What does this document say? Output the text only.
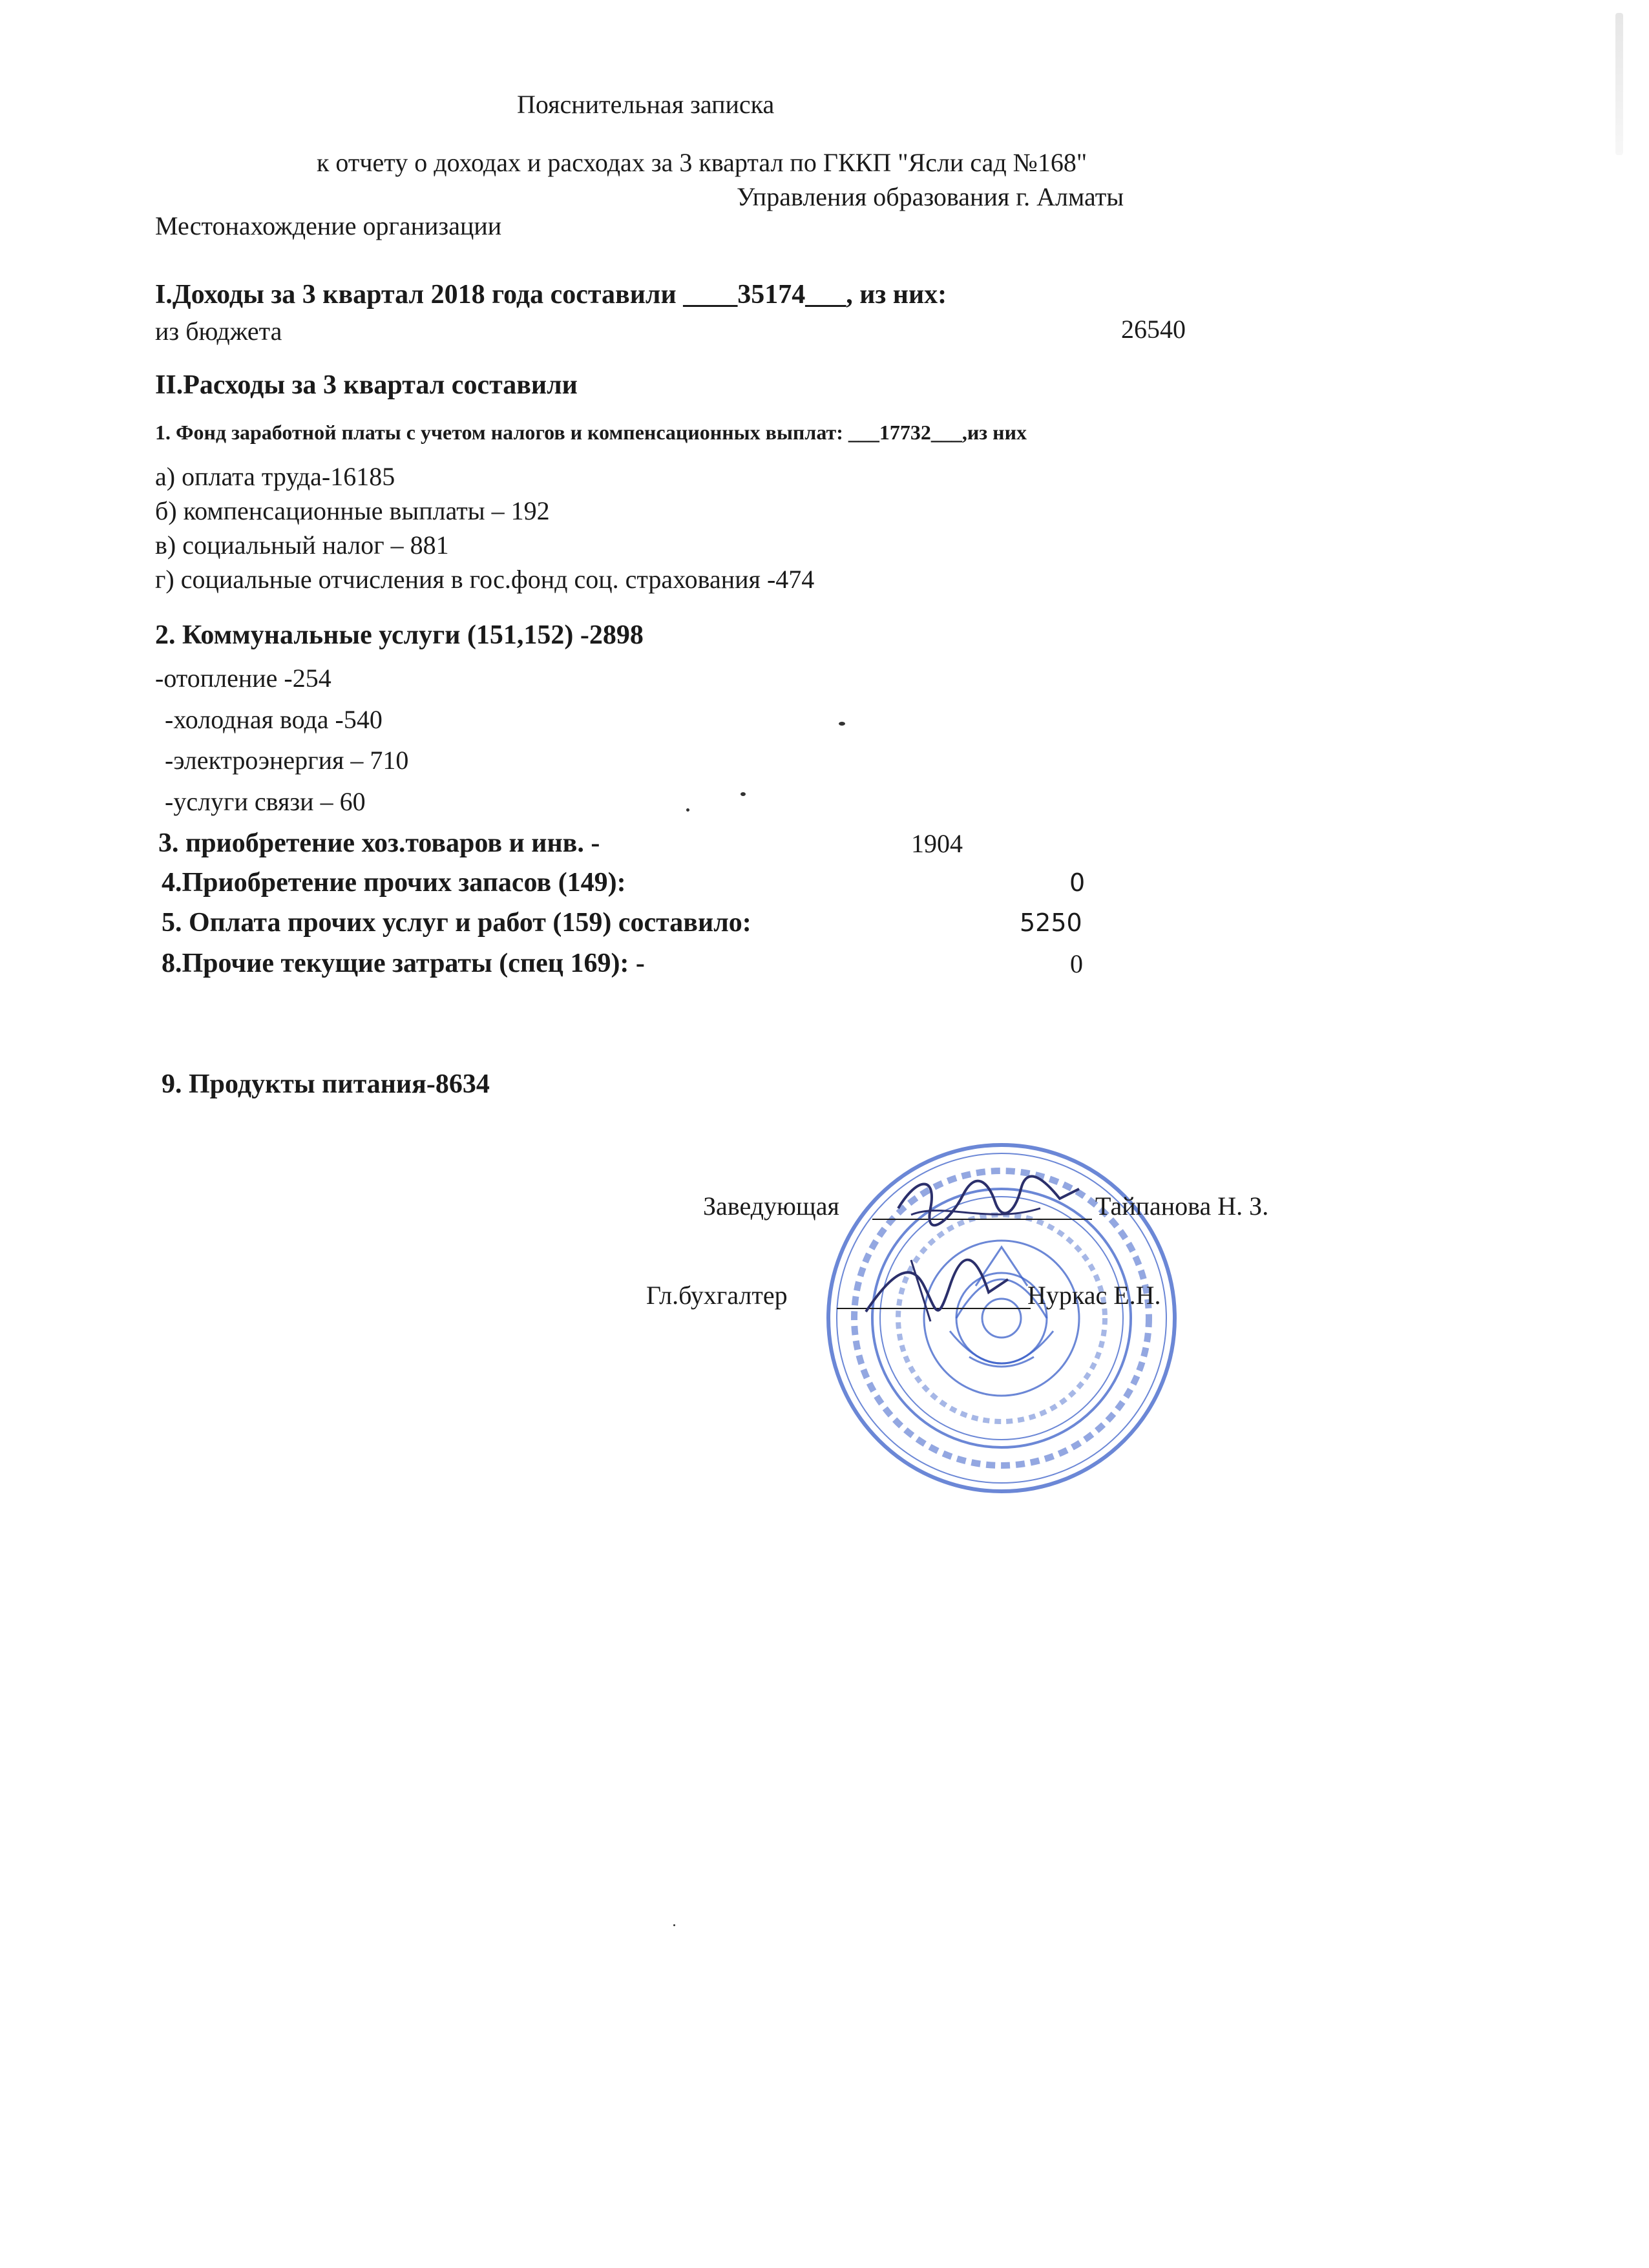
Пояснительная записка
к отчету о доходах и расходах за 3 квартал по ГККП "Ясли сад №168"
Управления образования г. Алматы
Местонахождение организации
I.Доходы за 3 квартал 2018 года составили ____35174___, из них:
из бюджета	26540
II.Расходы за 3 квартал составили
1. Фонд заработной платы с учетом налогов и компенсационных выплат: ___17732___,из них
а) оплата труда-16185
б) компенсационные выплаты – 192
в) социальный налог – 881
г) социальные отчисления в гос.фонд соц. страхования -474
2. Коммунальные услуги (151,152) -2898
-отопление -254
-холодная вода -540
-электроэнергия – 710
-услуги связи – 60
3. приобретение хоз.товаров и инв. -	1904
4.Приобретение прочих запасов (149):	0
5. Оплата прочих услуг и работ (159) составило:	5250
8.Прочие текущие затраты (спец 169): -	0
9. Продукты питания-8634
Заведующая	Тайпанова Н. З.
Гл.бухгалтер	Нуркас Е.Н.
